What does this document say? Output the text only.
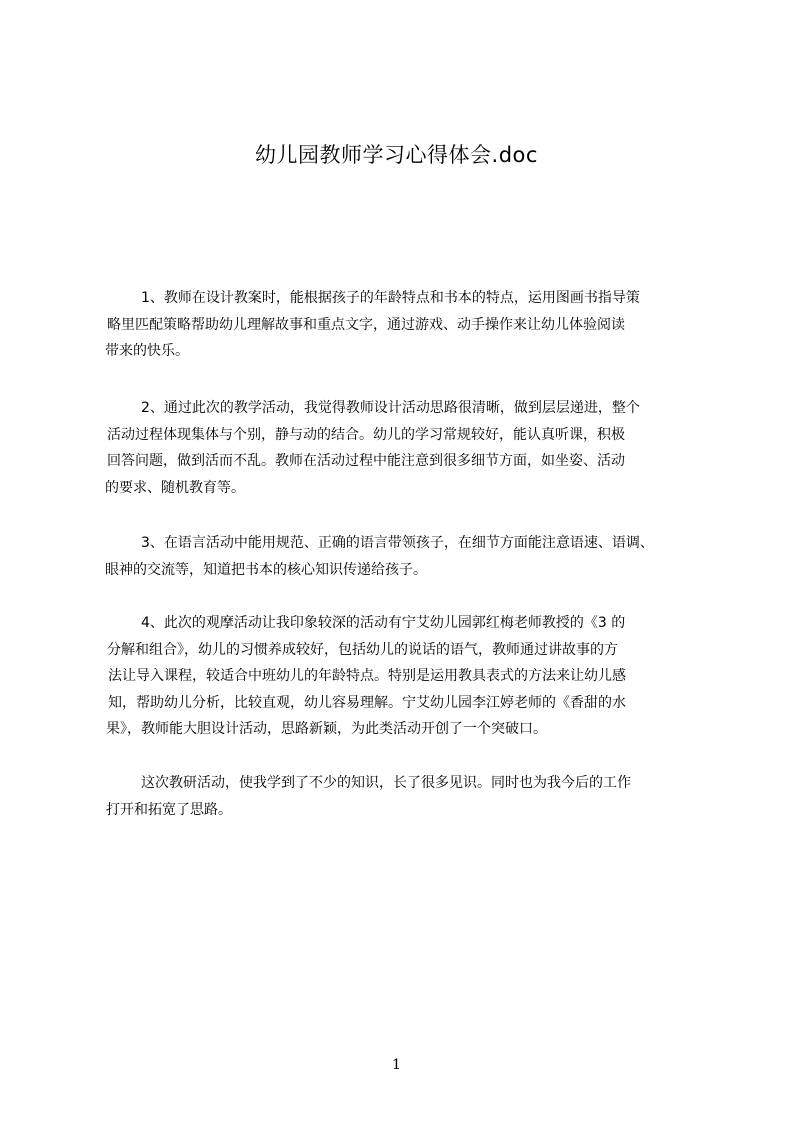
幼儿园教师学习心得体会.doc
1、教师在设计教案时，能根据孩子的年龄特点和书本的特点，运用图画书指导策
略里匹配策略帮助幼儿理解故事和重点文字，通过游戏、动手操作来让幼儿体验阅读
带来的快乐。
2、通过此次的教学活动，我觉得教师设计活动思路很清晰，做到层层递进，整个
活动过程体现集体与个别，静与动的结合。幼儿的学习常规较好，能认真听课，积极
回答问题，做到活而不乱。教师在活动过程中能注意到很多细节方面，如坐姿、活动
的要求、随机教育等。
3、在语言活动中能用规范、正确的语言带领孩子，在细节方面能注意语速、语调、
眼神的交流等，知道把书本的核心知识传递给孩子。
4、此次的观摩活动让我印象较深的活动有宁艾幼儿园郭红梅老师教授的《3 的
分解和组合》，幼儿的习惯养成较好，包括幼儿的说话的语气，教师通过讲故事的方
法让导入课程，较适合中班幼儿的年龄特点。特别是运用教具表式的方法来让幼儿感
知，帮助幼儿分析，比较直观，幼儿容易理解。宁艾幼儿园李江婷老师的《香甜的水
果》，教师能大胆设计活动，思路新颖，为此类活动开创了一个突破口。
这次教研活动，使我学到了不少的知识，长了很多见识。同时也为我今后的工作
打开和拓宽了思路。
1
